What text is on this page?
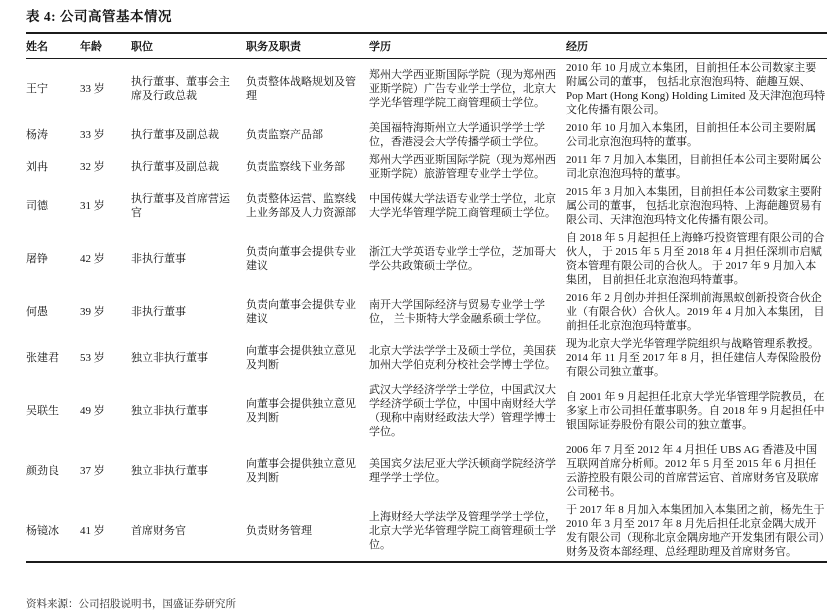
表 4: 公司高管基本情况
姓名	年龄	职位	职务及职责	学历	经历
王宁	33 岁	执行董事、董事会主席及行政总裁	负责整体战略规划及管理	郑州大学西亚斯国际学院（现为郑州西亚斯学院）广告专业学士学位，北京大学光华管理学院工商管理硕士学位。	2010 年 10 月成立本集团，目前担任本公司数家主要附属公司的董事， 包括北京泡泡玛特、葩趣互娱、Pop Mart (Hong Kong) Holding Limited 及天津泡泡玛特文化传播有限公司。
杨涛	33 岁	执行董事及副总裁	负责监察产品部	美国福特海斯州立大学通识学学士学位，香港浸会大学传播学硕士学位。	2010 年 10 月加入本集团，目前担任本公司主要附属公司北京泡泡玛特的董事。
刘冉	32 岁	执行董事及副总裁	负责监察线下业务部	郑州大学西亚斯国际学院（现为郑州西亚斯学院）旅游管理专业学士学位。	2011 年 7 月加入本集团，目前担任本公司主要附属公司北京泡泡玛特的董事。
司德	31 岁	执行董事及首席营运官	负责整体运营、监察线上业务部及人力资源部	中国传媒大学法语专业学士学位，北京大学光华管理学院工商管理硕士学位。	2015 年 3 月加入本集团，目前担任本公司数家主要附属公司的董事， 包括北京泡泡玛特、上海葩趣贸易有限公司、天津泡泡玛特文化传播有限公司。
屠铮	42 岁	非执行董事	负责向董事会提供专业建议	浙江大学英语专业学士学位，芝加哥大学公共政策硕士学位。	自 2018 年 5 月起担任上海蜂巧投资管理有限公司的合伙人， 于 2015 年 5 月至 2018 年 4 月担任深圳市启赋资本管理有限公司的合伙人。 于 2017 年 9 月加入本集团， 目前担任北京泡泡玛特董事。
何愚	39 岁	非执行董事	负责向董事会提供专业建议	南开大学国际经济与贸易专业学士学位， 兰卡斯特大学金融系硕士学位。	2016 年 2 月创办并担任深圳前海黑蚁创新投资合伙企业（有限合伙）合伙人。2019 年 4 月加入本集团， 目前担任北京泡泡玛特董事。
张建君	53 岁	独立非执行董事	向董事会提供独立意见及判断	北京大学法学学士及硕士学位，美国获加州大学伯克利分校社会学博士学位。	现为北京大学光华管理学院组织与战略管理系教授。2014 年 11 月至 2017 年 8 月，担任建信人寿保险股份有限公司独立董事。
吴联生	49 岁	独立非执行董事	向董事会提供独立意见及判断	武汉大学经济学学士学位，中国武汉大学经济学硕士学位，中国中南财经大学（现称中南财经政法大学）管理学博士学位。	自 2001 年 9 月起担任北京大学光华管理学院教员，在多家上市公司担任董事职务。自 2018 年 9 月起担任中银国际证券股份有限公司的独立董事。
颜劲良	37 岁	独立非执行董事	向董事会提供独立意见及判断	美国宾夕法尼亚大学沃顿商学院经济学理学学士学位。	2006 年 7 月至 2012 年 4 月担任 UBS AG 香港及中国互联网首席分析师。2012 年 5 月至 2015 年 6 月担任云游控股有限公司的首席营运官、首席财务官及联席公司秘书。
杨镜冰	41 岁	首席财务官	负责财务管理	上海财经大学法学及管理学学士学位，北京大学光华管理学院工商管理硕士学位。	于 2017 年 8 月加入本集团加入本集团之前，杨先生于 2010 年 3 月至 2017 年 8 月先后担任北京金隅大成开发有限公司（现称北京金隅房地产开发集团有限公司）财务及资本部经理、总经理助理及首席财务官。
资料来源：公司招股说明书，国盛证券研究所
